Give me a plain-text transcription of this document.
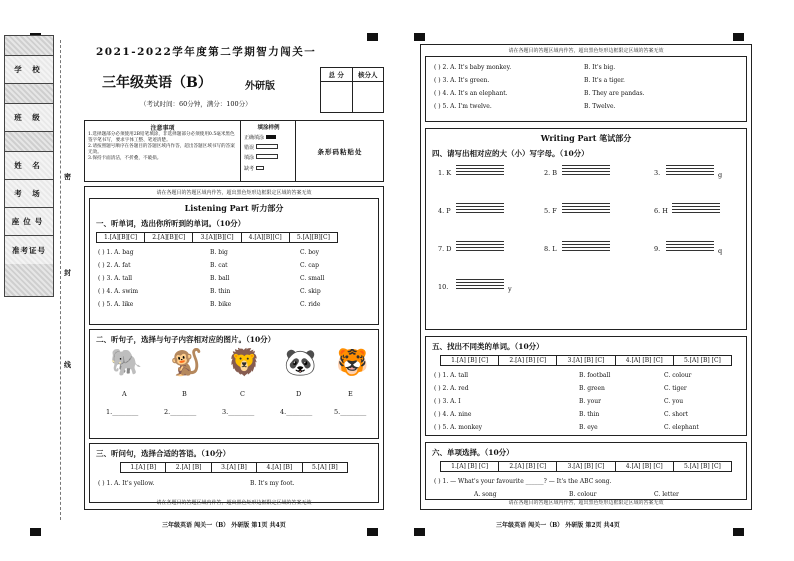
学 校
班 级
姓 名
考 场
座位号
准考证号
密
封
线
2021-2022学年度第二学期智力闯关一
三年级英语（B）	外研版
（考试时间：60分钟，满分：100分）
总 分	核分人
注意事项
1.选择题部分必须使用2B铅笔填涂，非选择题部分必须使用0.5毫米黑色签字笔书写，要求字体工整、笔迹清楚。
2.请按照题号顺序在各题目的答题区域内作答，超出答题区域书写的答案无效。
3.保持卡面清洁，不折叠，不破损。
填涂样例
正确填涂
错误
填涂
缺考
条形码粘贴处
请在各题目的答题区域内作答，超出黑色矩形边框限定区域的答案无效
Listening Part 听力部分
一、听单词，选出你所听到的单词。（10分）
1.[A][B][C]	2.[A][B][C]	3.[A][B][C]	4.[A][B][C]	5.[A][B][C]
( ) 1. A. bag	B. big	C. boy
( ) 2. A. fat	B. cat	C. cap
( ) 3. A. tall	B. ball	C. small
( ) 4. A. swim	B. thin	C. skip
( ) 5. A. like	B. bike	C. ride
二、听句子，选择与句子内容相对应的图片。（10分）
🐘 🐒 🦁 🐼 🐯
A	B	C	D	E
1.________	2.________	3.________	4.________	5.________
三、听问句，选择合适的答语。（10分）
1.[A] [B]	2.[A] [B]	3.[A] [B]	4.[A] [B]	5.[A] [B]
( ) 1. A. It's yellow.	B. It's my foot.
请在各题目的答题区域内作答，超出黑色矩形边框限定区域的答案无效
三年级英语 闯关一（B） 外研版 第1页 共4页
请在各题目的答题区域内作答，超出黑色矩形边框限定区域的答案无效
( ) 2. A. It's baby monkey.	B. It's big.
( ) 3. A. It's green.	B. It's a tiger.
( ) 4. A. It's an elephant.	B. They are pandas.
( ) 5. A. I'm twelve.	B. Twelve.
Writing Part 笔试部分
四、请写出相对应的大（小）写字母。（10分）
1. K	2. B	3.	g
4. P	5. F	6. H
7. D	8. L	9.	q
10.	y
五、找出不同类的单词。（10分）
1.[A] [B] [C]	2.[A] [B] [C]	3.[A] [B] [C]	4.[A] [B] [C]	5.[A] [B] [C]
( ) 1. A. tall	B. football	C. colour
( ) 2. A. red	B. green	C. tiger
( ) 3. A. I	B. your	C. you
( ) 4. A. nine	B. thin	C. short
( ) 5. A. monkey	B. eye	C. elephant
六、单项选择。（10分）
1.[A] [B] [C]	2.[A] [B] [C]	3.[A] [B] [C]	4.[A] [B] [C]	5.[A] [B] [C]
( ) 1. — What's your favourite ______? — It's the ABC song.
A. song	B. colour	C. letter
请在各题目的答题区域内作答，超出黑色矩形边框限定区域的答案无效
三年级英语 闯关一（B） 外研版 第2页 共4页
